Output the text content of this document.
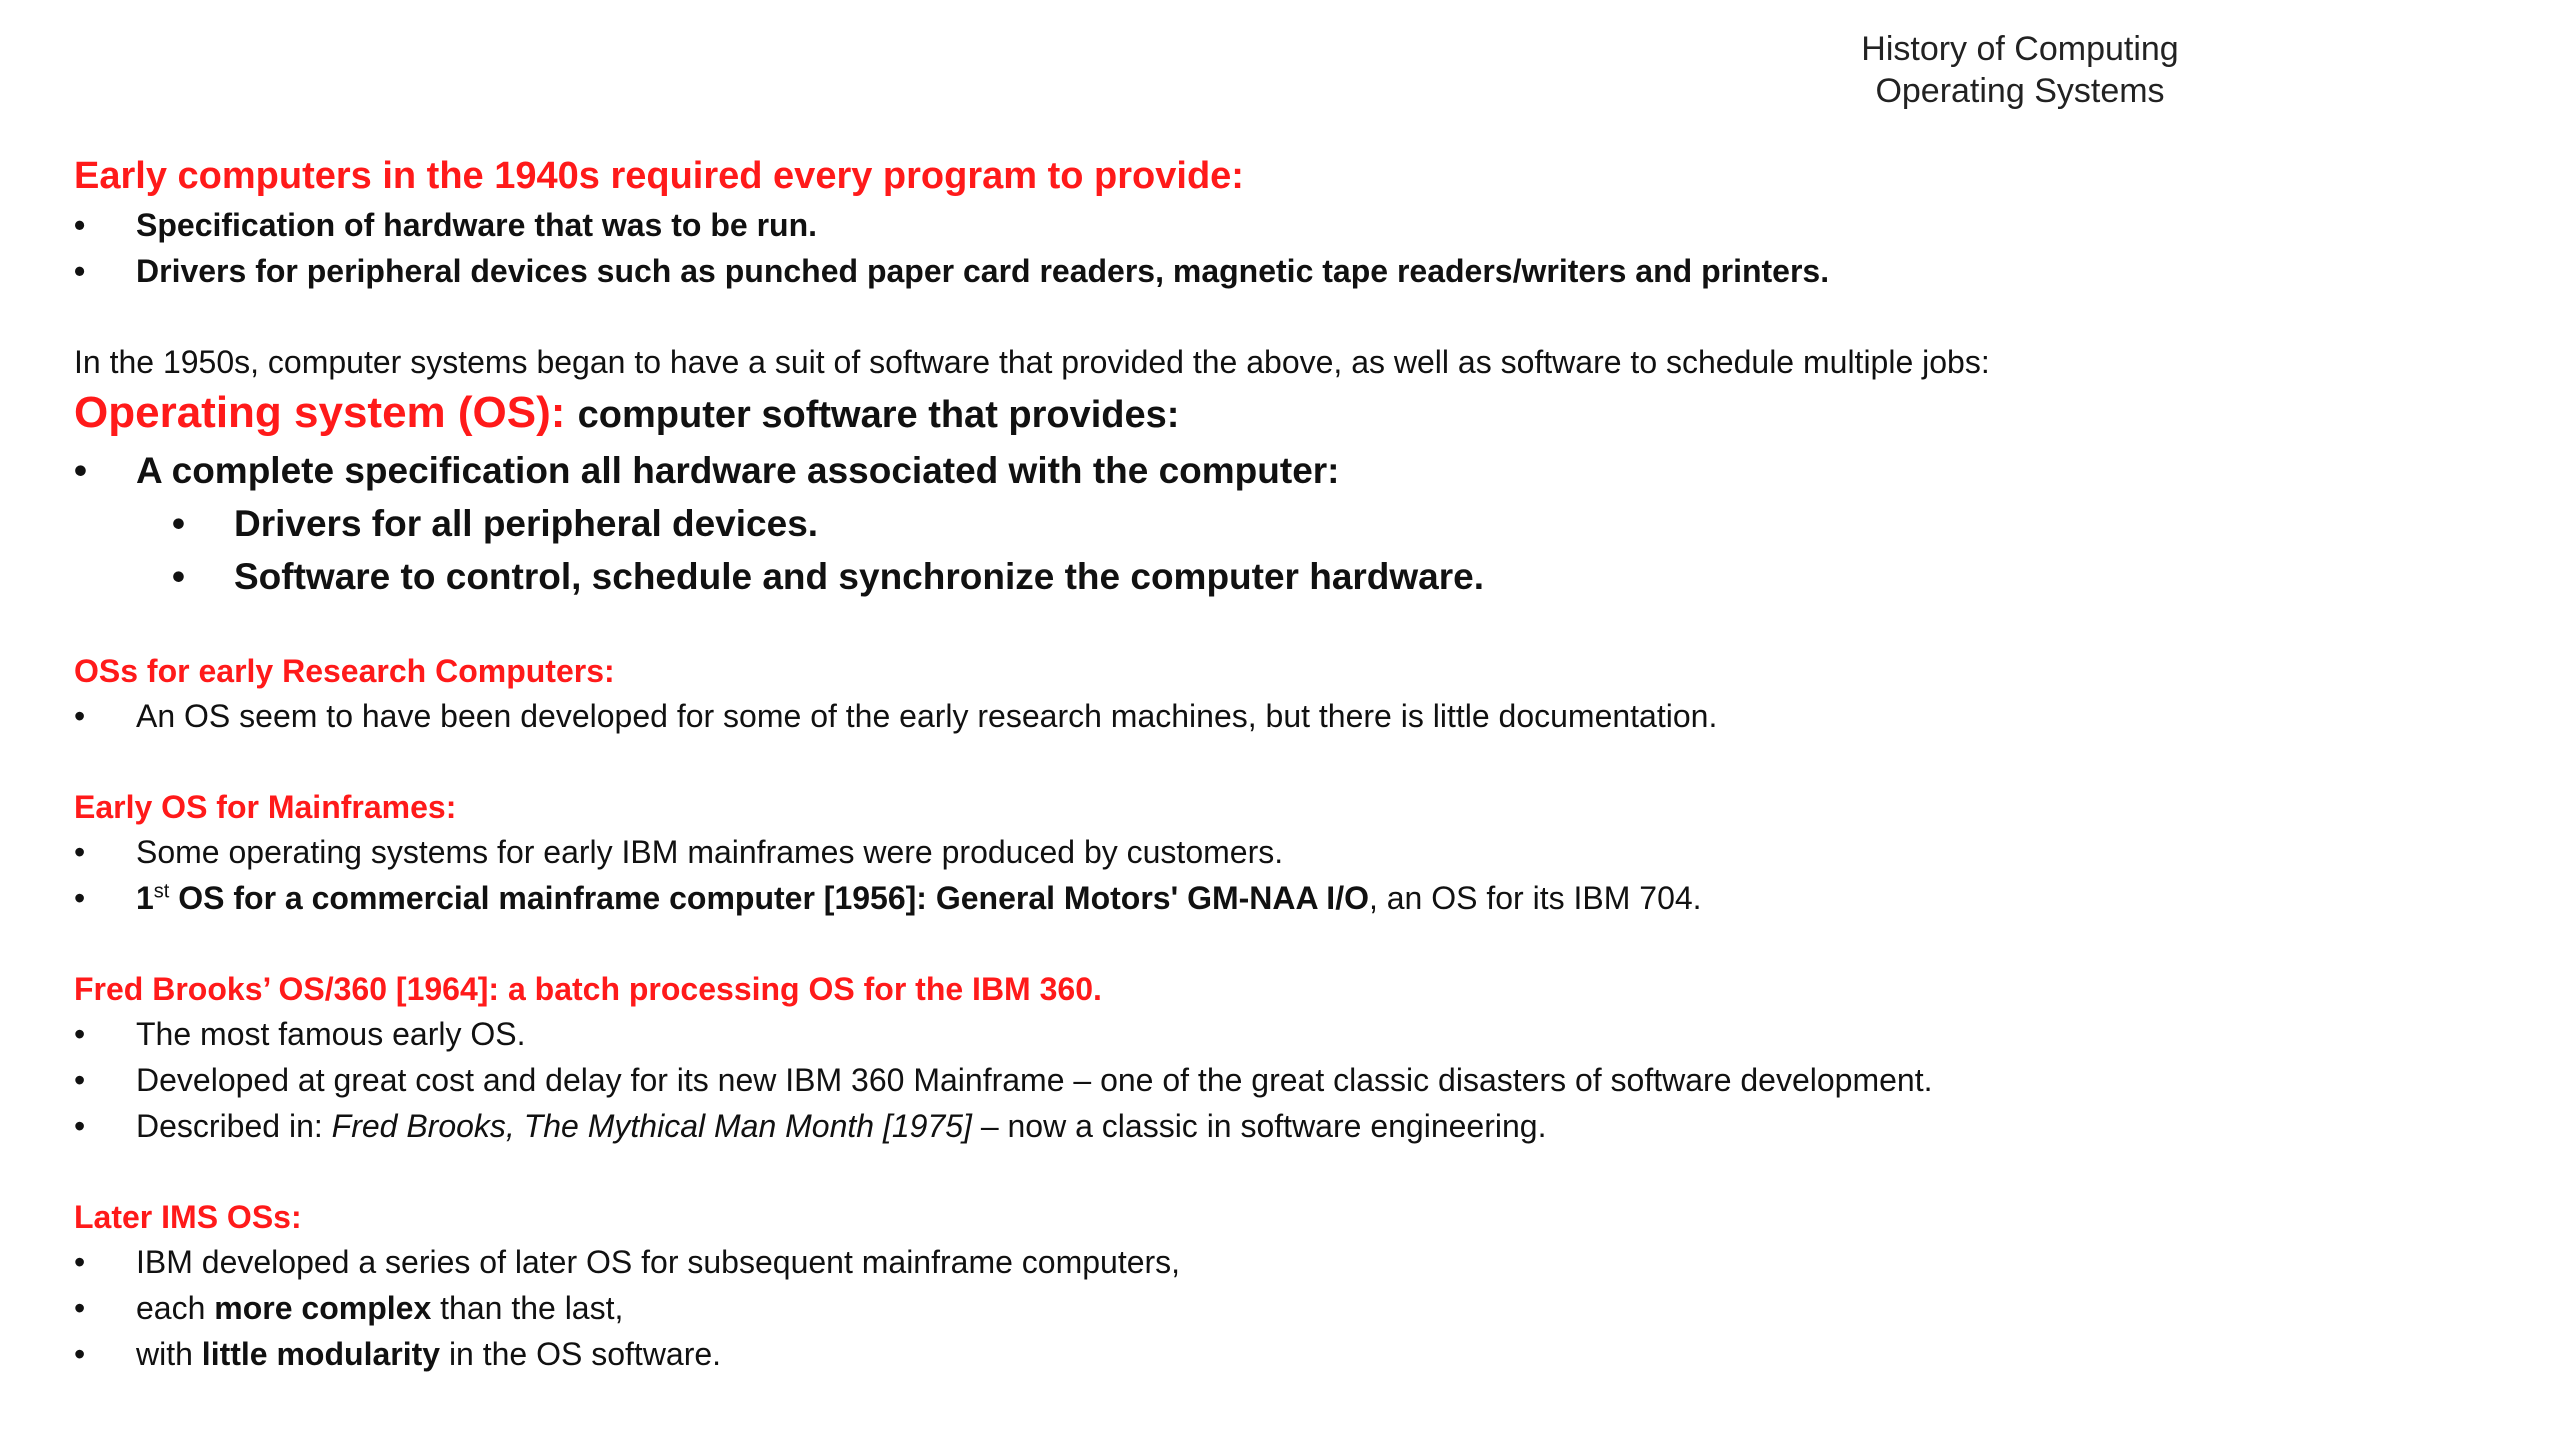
History of Computing
Operating Systems
Early computers in the 1940s required every program to provide:
• Specification of hardware that was to be run.
• Drivers for peripheral devices such as punched paper card readers, magnetic tape readers/writers and printers.
In the 1950s, computer systems began to have a suit of software that provided the above, as well as software to schedule multiple jobs:
Operating system (OS): computer software that provides:
• A complete specification all hardware associated with the computer:
• Drivers for all peripheral devices.
• Software to control, schedule and synchronize the computer hardware.
OSs for early Research Computers:
• An OS seem to have been developed for some of the early research machines, but there is little documentation.
Early OS for Mainframes:
• Some operating systems for early IBM mainframes were produced by customers.
• 1st OS for a commercial mainframe computer [1956]: General Motors' GM-NAA I/O, an OS for its IBM 704.
Fred Brooks’ OS/360 [1964]: a batch processing OS for the IBM 360.
• The most famous early OS.
• Developed at great cost and delay for its new IBM 360 Mainframe – one of the great classic disasters of software development.
• Described in: Fred Brooks, The Mythical Man Month [1975] – now a classic in software engineering.
Later IMS OSs:
• IBM developed a series of later OS for subsequent mainframe computers,
• each more complex than the last,
• with little modularity in the OS software.
